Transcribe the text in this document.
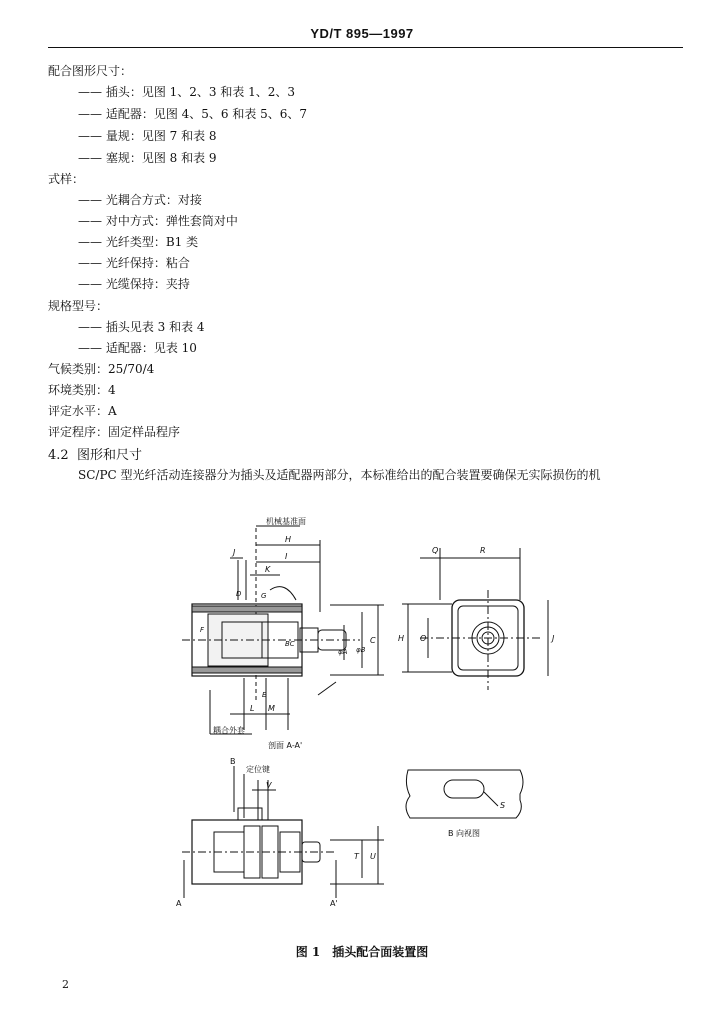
YD/T 895—1997
配合图形尺寸：
—— 插头：见图 1、2、3 和表 1、2、3
—— 适配器：见图 4、5、6 和表 5、6、7
—— 量规：见图 7 和表 8
—— 塞规：见图 8 和表 9
式样：
—— 光耦合方式：对接
—— 对中方式：弹性套筒对中
—— 光纤类型：B1 类
—— 光纤保持：粘合
—— 光缆保持：夹持
规格型号：
—— 插头见表 3 和表 4
—— 适配器：见表 10
气候类别：25/70/4
环境类别：4
评定水平：A
评定程序：固定样品程序
4.2 图形和尺寸
SC/PC 型光纤活动连接器分为插头及适配器两部分，本标准给出的配合装置要确保无实际损伤的机
机械基准面
H
I
J
K
D	G
F
BC
φA φB
C
E
L M
耦合外套
剖面 A-A'
Q	R
H O	J
B
定位键
V
T U
A	A'
S
B 向视图
图 1　插头配合面装置图
2
